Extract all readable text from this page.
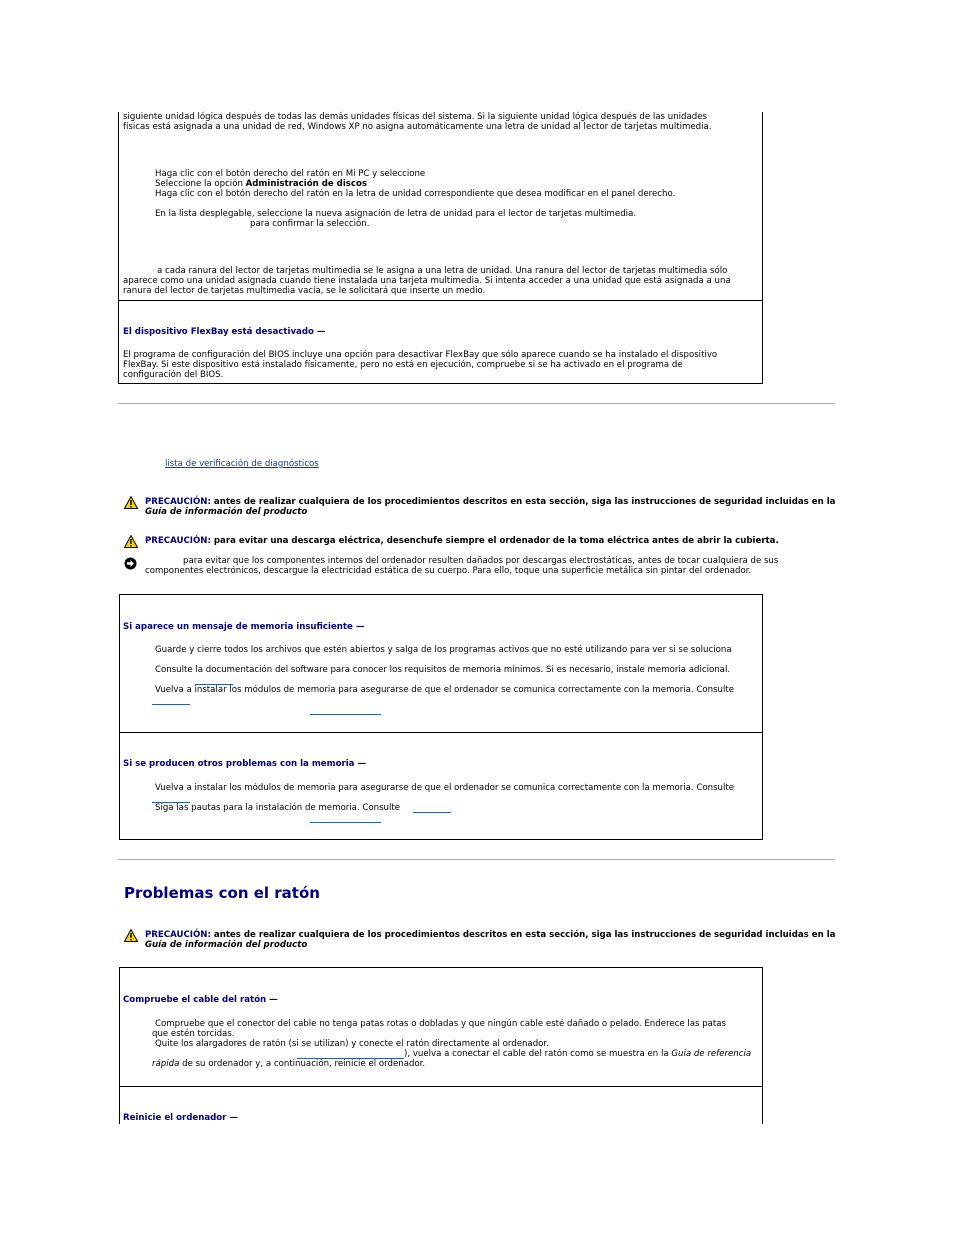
siguiente unidad lógica después de todas las demás unidades físicas del sistema. Si la siguiente unidad lógica después de las unidades
físicas está asignada a una unidad de red, Windows XP no asigna automáticamente una letra de unidad al lector de tarjetas multimedia.
Haga clic con el botón derecho del ratón en Mi PC y seleccione
Seleccione la opción Administración de discos
Haga clic con el botón derecho del ratón en la letra de unidad correspondiente que desea modificar en el panel derecho.
En la lista desplegable, seleccione la nueva asignación de letra de unidad para el lector de tarjetas multimedia.
para confirmar la selección.
a cada ranura del lector de tarjetas multimedia se le asigna a una letra de unidad. Una ranura del lector de tarjetas multimedia sólo
aparece como una unidad asignada cuando tiene instalada una tarjeta multimedia. Si intenta acceder a una unidad que está asignada a una
ranura del lector de tarjetas multimedia vacía, se le solicitará que inserte un medio.
El dispositivo FlexBay está desactivado —
El programa de configuración del BIOS incluye una opción para desactivar FlexBay que sólo aparece cuando se ha instalado el dispositivo
FlexBay. Si este dispositivo está instalado físicamente, pero no está en ejecución, compruebe si se ha activado en el programa de
configuración del BIOS.
lista de verificación de diagnósticos
PRECAUCIÓN: antes de realizar cualquiera de los procedimientos descritos en esta sección, siga las instrucciones de seguridad incluidas en la
Guía de información del producto
PRECAUCIÓN: para evitar una descarga eléctrica, desenchufe siempre el ordenador de la toma eléctrica antes de abrir la cubierta.
para evitar que los componentes internos del ordenador resulten dañados por descargas electrostáticas, antes de tocar cualquiera de sus
componentes electrónicos, descargue la electricidad estática de su cuerpo. Para ello, toque una superficie metálica sin pintar del ordenador.
Si aparece un mensaje de memoria insuficiente —
Guarde y cierre todos los archivos que estén abiertos y salga de los programas activos que no esté utilizando para ver si se soluciona
Consulte la documentación del software para conocer los requisitos de memoria mínimos. Si es necesario, instale memoria adicional.
Vuelva a instalar los módulos de memoria para asegurarse de que el ordenador se comunica correctamente con la memoria. Consulte
Si se producen otros problemas con la memoria —
Vuelva a instalar los módulos de memoria para asegurarse de que el ordenador se comunica correctamente con la memoria. Consulte
Siga las pautas para la instalación de memoria. Consulte
Problemas con el ratón
PRECAUCIÓN: antes de realizar cualquiera de los procedimientos descritos en esta sección, siga las instrucciones de seguridad incluidas en la
Guía de información del producto
Compruebe el cable del ratón —
Compruebe que el conector del cable no tenga patas rotas o dobladas y que ningún cable esté dañado o pelado. Enderece las patas
que estén torcidas.
Quite los alargadores de ratón (si se utilizan) y conecte el ratón directamente al ordenador.
), vuelva a conectar el cable del ratón como se muestra en la Guía de referencia
rápida de su ordenador y, a continuación, reinicie el ordenador.
Reinicie el ordenador —
